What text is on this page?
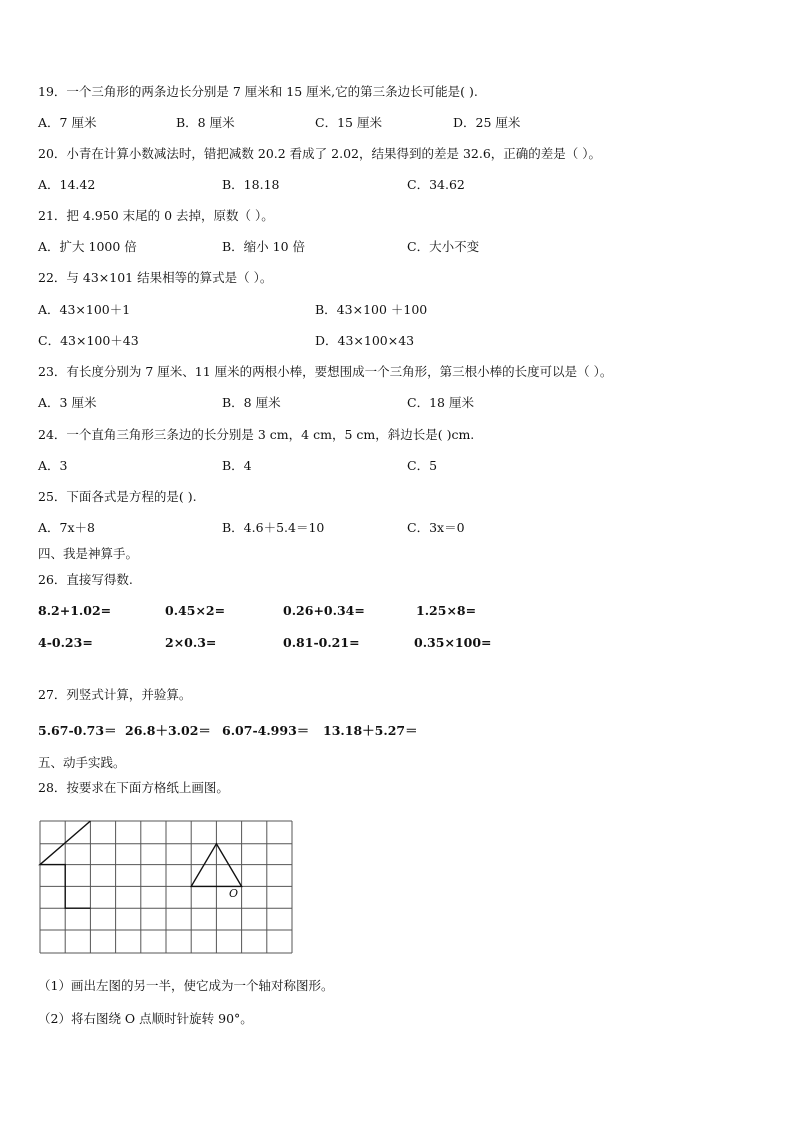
19．一个三角形的两条边长分别是 7 厘米和 15 厘米,它的第三条边长可能是( ).
A．7 厘米	B．8 厘米	C．15 厘米	D．25 厘米
20．小青在计算小数减法时，错把减数 20.2 看成了 2.02，结果得到的差是 32.6，正确的差是（ ）。
A．14.42	B．18.18	C．34.62
21．把 4.950 末尾的 0 去掉，原数（ ）。
A．扩大 1000 倍	B．缩小 10 倍	C．大小不变
22．与 43×101 结果相等的算式是（ ）。
A．43×100＋1	B．43×100 ＋100
C．43×100＋43	D．43×100×43
23．有长度分别为 7 厘米、11 厘米的两根小棒，要想围成一个三角形，第三根小棒的长度可以是（ ）。
A．3 厘米	B．8 厘米	C．18 厘米
24．一个直角三角形三条边的长分别是 3 cm，4 cm，5 cm，斜边长是( )cm.
A．3	B．4	C．5
25．下面各式是方程的是( ).
A．7x＋8	B．4.6＋5.4＝10	C．3x＝0
四、我是神算手。
26．直接写得数.
8.2+1.02=	0.45×2=	0.26+0.34=	1.25×8=
4-0.23=	2×0.3=	0.81-0.21=	0.35×100=
27．列竖式计算，并验算。
5.67-0.73＝ 26.8＋3.02＝ 6.07-4.993＝ 13.18＋5.27＝
五、动手实践。
28．按要求在下面方格纸上画图。
O
（1）画出左图的另一半，使它成为一个轴对称图形。
（2）将右图绕 O 点顺时针旋转 90°。
